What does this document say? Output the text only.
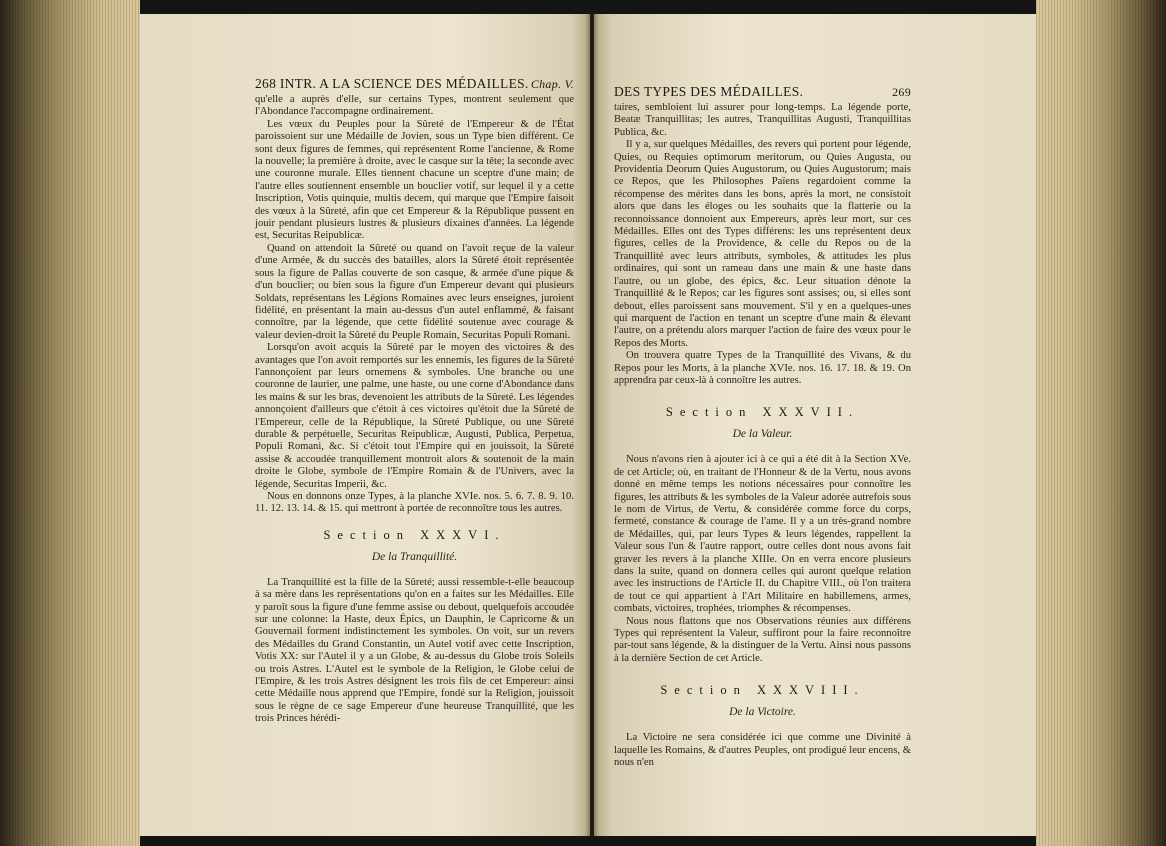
268 INTR. A LA SCIENCE DES MÉDAILLES. Chap. V.

qu'elle a auprès d'elle, sur certains Types, montrent seulement que l'Abondance l'accompagne ordinairement.

Les vœux du Peuples pour la Sûreté de l'Empereur & de l'État paroissoient sur une Médaille de Jovien, sous un Type bien différent. Ce sont deux figures de femmes, qui représentent Rome l'ancienne, & Rome la nouvelle; la première à droite, avec le casque sur la tête; la seconde avec une couronne murale. Elles tiennent chacune un sceptre d'une main; de l'autre elles soutiennent ensemble un bouclier votif, sur lequel il y a cette Inscription, Votis quinquie, multis decem, qui marque que l'Empire faisoit des vœux à la Sûreté, afin que cet Empereur & la République pussent en jouir pendant plusieurs lustres & plusieurs dixaines d'années. La légende est, Securitas Reipublicæ.

Quand on attendoit la Sûreté ou quand on l'avoit reçue de la valeur d'une Armée, & du succès des batailles, alors la Sûreté étoit représentée sous la figure de Pallas couverte de son casque, & armée d'une pique & d'un bouclier; ou bien sous la figure d'un Empereur devant qui plusieurs Soldats, représentans les Légions Romaines avec leurs enseignes, juroient fidélité, en présentant la main au-dessus d'un autel enflammé, & faisant connoître, par la légende, que cette fidélité soutenue avec courage & valeur devien-droit la Sûreté du Peuple Romain, Securitas Populi Romani.

Lorsqu'on avoit acquis la Sûreté par le moyen des victoires & des avantages que l'on avoit remportés sur les ennemis, les figures de la Sûreté l'annonçoient par leurs ornemens & symboles. Une branche ou une couronne de laurier, une palme, une haste, ou une corne d'Abondance dans les mains & sur les bras, devenoient les attributs de la Sûreté. Les légendes annonçoient d'ailleurs que c'étoit à ces victoires qu'étoit due la Sûreté de l'Empereur, celle de la République, la Sûreté Publique, ou une Sûreté durable & perpétuelle, Securitas Reipublicæ, Augusti, Publica, Perpetua, Populi Romani, &c. Si c'étoit tout l'Empire qui en jouissoit, la Sûreté assise & accoudée tranquillement montroit alors & soutenoit de la main droite le Globe, symbole de l'Empire Romain & de l'Univers, avec la légende, Securitas Imperii, &c.

Nous en donnons onze Types, à la planche XVIe. nos. 5. 6. 7. 8. 9. 10. 11. 12. 13. 14. & 15. qui mettront à portée de reconnoître tous les autres.

Section XXXVI.
De la Tranquillité.

La Tranquillité est la fille de la Sûreté; aussi ressemble-t-elle beaucoup à sa mère dans les représentations qu'on en a faites sur les Médailles. Elle y paroît sous la figure d'une femme assise ou debout, quelquefois accoudée sur une colonne: la Haste, deux Épics, un Dauphin, le Capricorne & un Gouvernail forment indistinctement les symboles. On voit, sur un revers des Médailles du Grand Constantin, un Autel votif avec cette Inscription, Votis XX: sur l'Autel il y a un Globe, & au-dessus du Globe trois Soleils ou trois Astres. L'Autel est le symbole de la Religion, le Globe celui de l'Empire, & les trois Astres désignent les trois fils de cet Empereur: ainsi cette Médaille nous apprend que l'Empire, fondé sur la Religion, jouissoit sous le règne de ce sage Empereur d'une heureuse Tranquillité, que les trois Princes hérédi-

DES TYPES DES MÉDAILLES.	269

taires, sembloient lui assurer pour long-temps. La légende porte, Beatæ Tranquillitas; les autres, Tranquillitas Augusti, Tranquillitas Publica, &c.

Il y a, sur quelques Médailles, des revers qui portent pour légende, Quies, ou Requies optimorum meritorum, ou Quies Augusta, ou Providentia Deorum Quies Augustorum, ou Quies Augustorum; mais ce Repos, que les Philosophes Païens regardoient comme la récompense des mérites dans les bons, après la mort, ne consistoit alors que dans les éloges ou les souhaits que la flatterie ou la reconnoissance donnoient aux Empereurs, après leur mort, sur ces Médailles. Elles ont des Types différens: les uns représentent deux figures, celles de la Providence, & celle du Repos ou de la Tranquillité avec leurs attributs, symboles, & attitudes les plus ordinaires, qui sont un rameau dans une main & une haste dans l'autre, ou un globe, des épics, &c. Leur situation dénote la Tranquillité & le Repos; car les figures sont assises; ou, si elles sont debout, elles paroissent sans mouvement. S'il y en a quelques-unes qui marquent de l'action en tenant un sceptre d'une main & élevant l'autre, on a prétendu alors marquer l'action de faire des vœux pour le Repos des Morts.

On trouvera quatre Types de la Tranquillité des Vivans, & du Repos pour les Morts, à la planche XVIe. nos. 16. 17. 18. & 19. On apprendra par ceux-là à connoître les autres.

Section XXXVII.
De la Valeur.

Nous n'avons rien à ajouter ici à ce qui a été dit à la Section XVe. de cet Article; où, en traitant de l'Honneur & de la Vertu, nous avons donné en même temps les notions nécessaires pour connoître les figures, les attributs & les symboles de la Valeur adorée autrefois sous le nom de Virtus, de Vertu, & considérée comme force du corps, fermeté, constance & courage de l'ame. Il y a un très-grand nombre de Médailles, qui, par leurs Types & leurs légendes, rappellent la Valeur sous l'un & l'autre rapport, outre celles dont nous avons fait graver les revers à la planche XIIIe. On en verra encore plusieurs dans la suite, quand on donnera celles qui auront quelque relation avec les instructions de l'Article II. du Chapitre VIII., où l'on traitera de tout ce qui appartient à l'Art Militaire en habillemens, armes, combats, victoires, trophées, triomphes & récompenses.

Nous nous flattons que nos Observations réunies aux différens Types qui représentent la Valeur, suffiront pour la faire reconnoître par-tout sans légende, & la distinguer de la Vertu. Ainsi nous passons à la dernière Section de cet Article.

Section XXXVIII.
De la Victoire.

La Victoire ne sera considérée ici que comme une Divinité à laquelle les Romains, & d'autres Peuples, ont prodigué leur encens, & nous n'en
